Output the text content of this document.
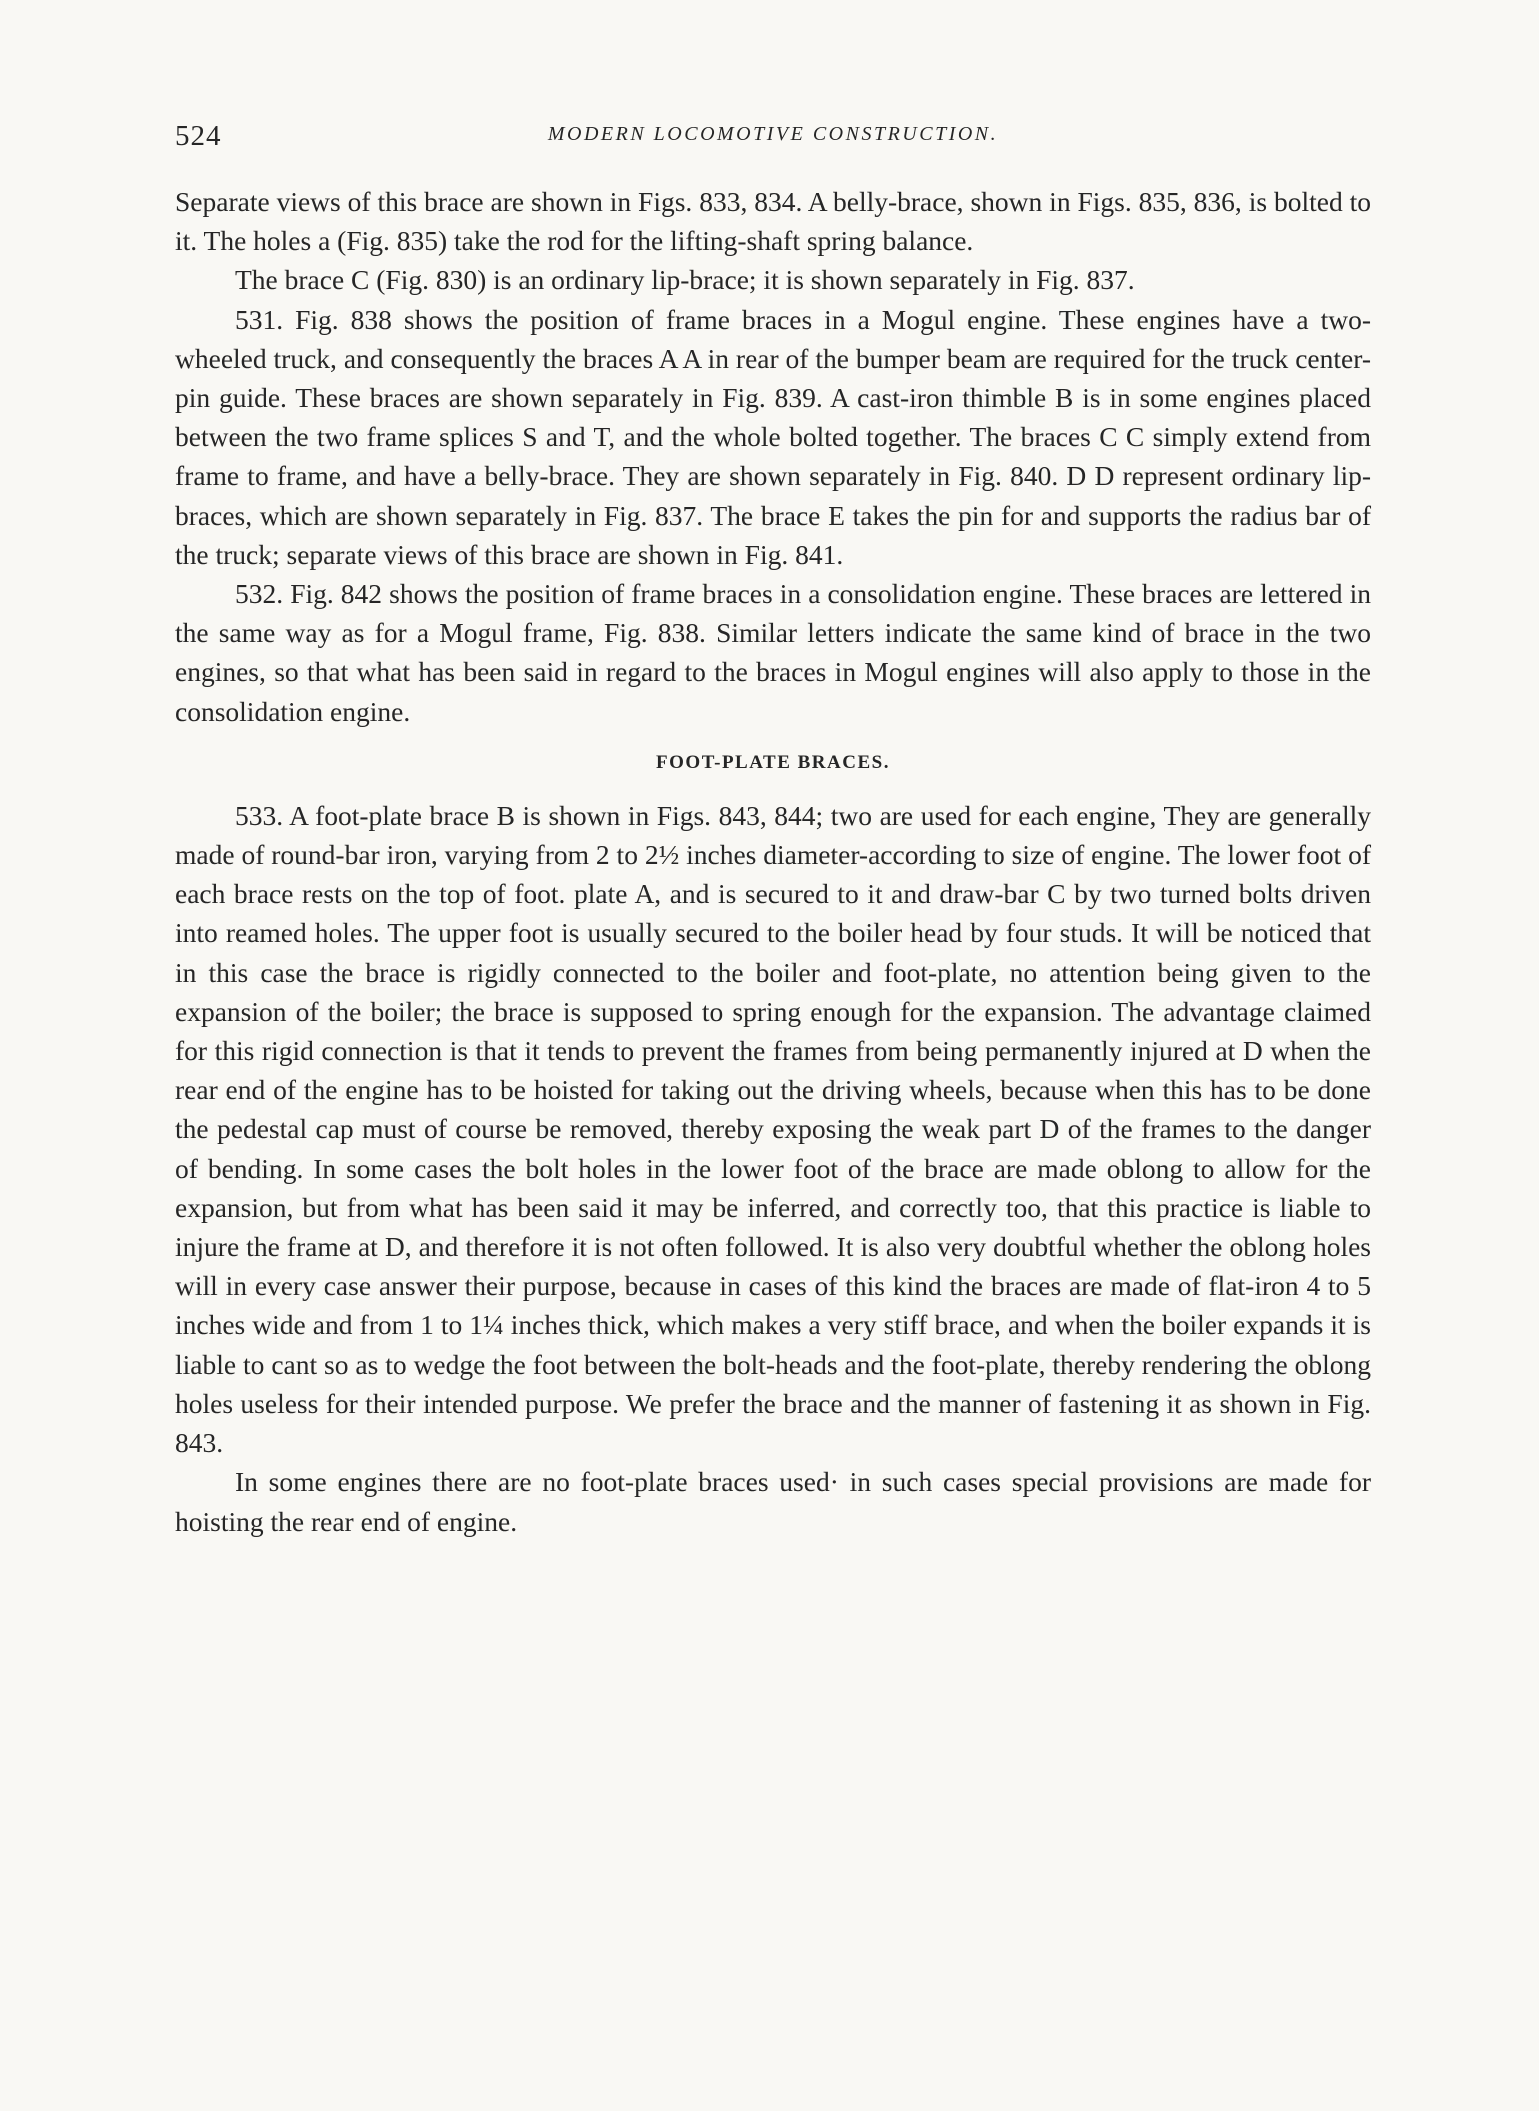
524	MODERN LOCOMOTIVE CONSTRUCTION.

Separate views of this brace are shown in Figs. 833, 834. A belly-brace, shown in Figs. 835, 836, is bolted to it. The holes a (Fig. 835) take the rod for the lifting-shaft spring balance.

The brace C (Fig. 830) is an ordinary lip-brace; it is shown separately in Fig. 837.

531. Fig. 838 shows the position of frame braces in a Mogul engine. These engines have a two-wheeled truck, and consequently the braces A A in rear of the bumper beam are required for the truck center-pin guide. These braces are shown separately in Fig. 839. A cast-iron thimble B is in some engines placed between the two frame splices S and T, and the whole bolted together. The braces C C simply extend from frame to frame, and have a belly-brace. They are shown separately in Fig. 840. D D represent ordinary lip-braces, which are shown separately in Fig. 837. The brace E takes the pin for and supports the radius bar of the truck; separate views of this brace are shown in Fig. 841.

532. Fig. 842 shows the position of frame braces in a consolidation engine. These braces are lettered in the same way as for a Mogul frame, Fig. 838. Similar letters indicate the same kind of brace in the two engines, so that what has been said in regard to the braces in Mogul engines will also apply to those in the consolidation engine.

FOOT-PLATE BRACES.

533. A foot-plate brace B is shown in Figs. 843, 844; two are used for each engine, They are generally made of round-bar iron, varying from 2 to 2½ inches diameter-according to size of engine. The lower foot of each brace rests on the top of foot. plate A, and is secured to it and draw-bar C by two turned bolts driven into reamed holes. The upper foot is usually secured to the boiler head by four studs. It will be noticed that in this case the brace is rigidly connected to the boiler and foot-plate, no attention being given to the expansion of the boiler; the brace is supposed to spring enough for the expansion. The advantage claimed for this rigid connection is that it tends to prevent the frames from being permanently injured at D when the rear end of the engine has to be hoisted for taking out the driving wheels, because when this has to be done the pedestal cap must of course be removed, thereby exposing the weak part D of the frames to the danger of bending. In some cases the bolt holes in the lower foot of the brace are made oblong to allow for the expansion, but from what has been said it may be inferred, and correctly too, that this practice is liable to injure the frame at D, and therefore it is not often followed. It is also very doubtful whether the oblong holes will in every case answer their purpose, because in cases of this kind the braces are made of flat-iron 4 to 5 inches wide and from 1 to 1¼ inches thick, which makes a very stiff brace, and when the boiler expands it is liable to cant so as to wedge the foot between the bolt-heads and the foot-plate, thereby rendering the oblong holes useless for their intended purpose. We prefer the brace and the manner of fastening it as shown in Fig. 843.

In some engines there are no foot-plate braces used· in such cases special provisions are made for hoisting the rear end of engine.
